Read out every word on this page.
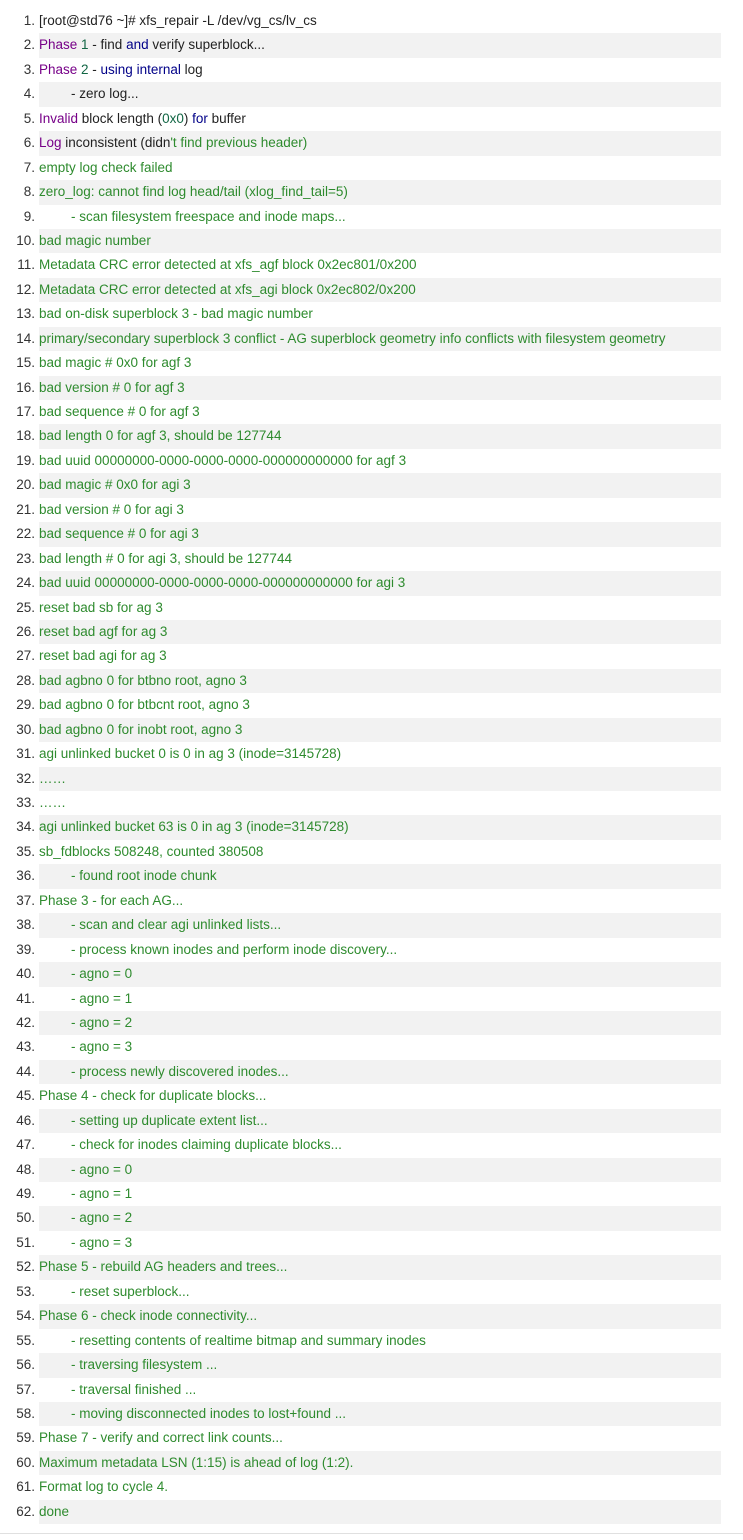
1. [root@std76 ~]# xfs_repair -L /dev/vg_cs/lv_cs
2. Phase 1 - find and verify superblock...
3. Phase 2 - using internal log
4.	- zero log...
5. Invalid block length (0x0) for buffer
6. Log inconsistent (didn't find previous header)
7. empty log check failed
8. zero_log: cannot find log head/tail (xlog_find_tail=5)
9.	- scan filesystem freespace and inode maps...
10. bad magic number
11. Metadata CRC error detected at xfs_agf block 0x2ec801/0x200
12. Metadata CRC error detected at xfs_agi block 0x2ec802/0x200
13. bad on-disk superblock 3 - bad magic number
14. primary/secondary superblock 3 conflict - AG superblock geometry info conflicts with filesystem geometry
15. bad magic # 0x0 for agf 3
16. bad version # 0 for agf 3
17. bad sequence # 0 for agf 3
18. bad length 0 for agf 3, should be 127744
19. bad uuid 00000000-0000-0000-0000-000000000000 for agf 3
20. bad magic # 0x0 for agi 3
21. bad version # 0 for agi 3
22. bad sequence # 0 for agi 3
23. bad length # 0 for agi 3, should be 127744
24. bad uuid 00000000-0000-0000-0000-000000000000 for agi 3
25. reset bad sb for ag 3
26. reset bad agf for ag 3
27. reset bad agi for ag 3
28. bad agbno 0 for btbno root, agno 3
29. bad agbno 0 for btbcnt root, agno 3
30. bad agbno 0 for inobt root, agno 3
31. agi unlinked bucket 0 is 0 in ag 3 (inode=3145728)
32. ……
33. ……
34. agi unlinked bucket 63 is 0 in ag 3 (inode=3145728)
35. sb_fdblocks 508248, counted 380508
36.	- found root inode chunk
37. Phase 3 - for each AG...
38.	- scan and clear agi unlinked lists...
39.	- process known inodes and perform inode discovery...
40.	- agno = 0
41.	- agno = 1
42.	- agno = 2
43.	- agno = 3
44.	- process newly discovered inodes...
45. Phase 4 - check for duplicate blocks...
46.	- setting up duplicate extent list...
47.	- check for inodes claiming duplicate blocks...
48.	- agno = 0
49.	- agno = 1
50.	- agno = 2
51.	- agno = 3
52. Phase 5 - rebuild AG headers and trees...
53.	- reset superblock...
54. Phase 6 - check inode connectivity...
55.	- resetting contents of realtime bitmap and summary inodes
56.	- traversing filesystem ...
57.	- traversal finished ...
58.	- moving disconnected inodes to lost+found ...
59. Phase 7 - verify and correct link counts...
60. Maximum metadata LSN (1:15) is ahead of log (1:2).
61. Format log to cycle 4.
62. done
